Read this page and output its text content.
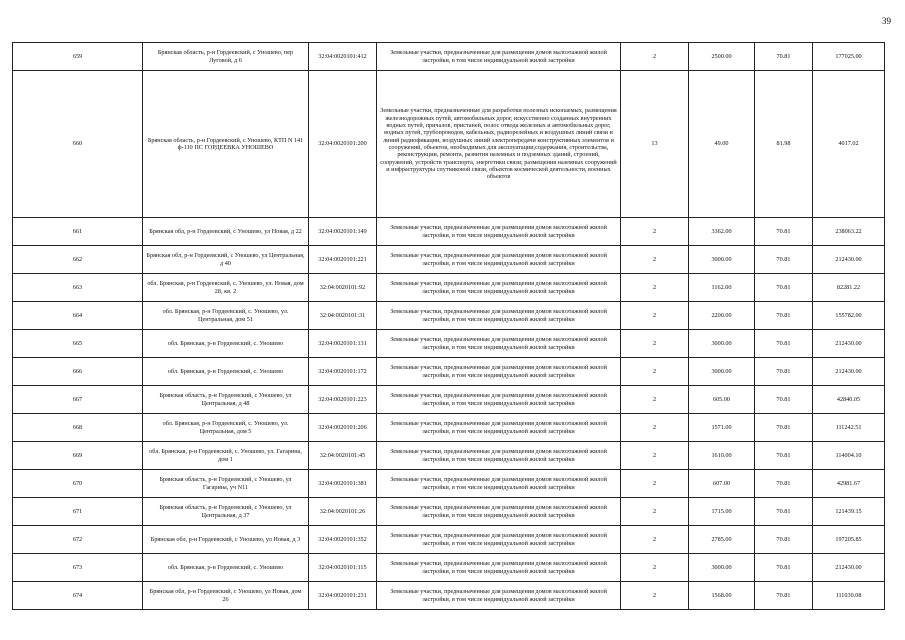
39
659	Брянская область, р-н Гордеевский, с Уношево, пер Луговой, д 6	32:04:0020101:412	Земельные участки, предназначенные для размещения домов малоэтажной жилой застройки, в том числе индивидуальной жилой застройки	2	2500.00	70.81	177025.00
660	Брянская область, р-н Гордеевский, с Уношево, КТП N 141 ф-110 ПС ГОРДЕЕВКА УНОШЕВО	32:04:0020101:200	Земельные участки, предназначенные для разработки полезных ископаемых, размещения железнодорожных путей, автомобильных дорог, искусственно созданных внутренних водных путей, причалов, пристаней, полос отвода железных и автомобильных дорог, водных путей, трубопроводов, кабельных, радиорелейных и воздушных линий связи и линий радиофикации, воздушных линий электропередачи конструктивных элементов и сооружений, объектов, необходимых для эксплуатации,содержания, строительства, реконструкции, ремонта, развития наземных и подземных зданий, строений, сооружений, устройств транспорта, энергетики связи; размещения наземных сооружений и инфраструктуры спутниковой связи, объектов космической деятельности, военных объектов	13	49.00	81.98	4017.02
661	Брянская обл, р-н Гордеевский, с Уношево, ул Новая, д 22	32:04:0020101:149	Земельные участки, предназначенные для размещения домов малоэтажной жилой застройки, в том числе индивидуальной жилой застройки	2	3362.00	70.81	238063.22
662	Брянская обл, р-н Гордеевский, с Уношево, ул Центральная, д 40	32:04:0020101:221	Земельные участки, предназначенные для размещения домов малоэтажной жилой застройки, в том числе индивидуальной жилой застройки	2	3000.00	70.81	212430.00
663	обл. Брянская, р-н Гордеевский, с. Уношево, ул. Новая, дом 28, кв. 2	32:04:0020101:92	Земельные участки, предназначенные для размещения домов малоэтажной жилой застройки, в том числе индивидуальной жилой застройки	2	1162.00	70.81	82281.22
664	обл. Брянская, р-н Гордеевский, с. Уношево, ул. Центральная, дом 51	32:04:0020101:31	Земельные участки, предназначенные для размещения домов малоэтажной жилой застройки, в том числе индивидуальной жилой застройки	2	2200.00	70.81	155782.00
665	обл. Брянская, р-н Гордеевский, с. Уношево	32:04:0020101:131	Земельные участки, предназначенные для размещения домов малоэтажной жилой застройки, в том числе индивидуальной жилой застройки	2	3000.00	70.81	212430.00
666	обл. Брянская, р-н Гордеевский, с. Уношево	32:04:0020101:172	Земельные участки, предназначенные для размещения домов малоэтажной жилой застройки, в том числе индивидуальной жилой застройки	2	3000.00	70.81	212430.00
667	Брянская область, р-н Гордеевский, с Уношево, ул Центральная, д 48	32:04:0020101:223	Земельные участки, предназначенные для размещения домов малоэтажной жилой застройки, в том числе индивидуальной жилой застройки	2	605.00	70.81	42840.05
668	обл. Брянская, р-н Гордеевский, с. Уношево, ул. Центральная, дом 5	32:04:0020101:206	Земельные участки, предназначенные для размещения домов малоэтажной жилой застройки, в том числе индивидуальной жилой застройки	2	1571.00	70.81	111242.51
669	обл. Брянская, р-н Гордеевский, с. Уношево, ул. Гагарина, дом 1	32:04:0020101:45	Земельные участки, предназначенные для размещения домов малоэтажной жилой застройки, в том числе индивидуальной жилой застройки	2	1610.00	70.81	114004.10
670	Брянская область, р-н Гордеевский, с Уношево, ул Гагарина, уч N11	32:04:0020101:381	Земельные участки, предназначенные для размещения домов малоэтажной жилой застройки, в том числе индивидуальной жилой застройки	2	607.00	70.81	42981.67
671	Брянская область, р-н Гордеевский, с Уношево, ул Центральная, д 37	32:04:0020101:26	Земельные участки, предназначенные для размещения домов малоэтажной жилой застройки, в том числе индивидуальной жилой застройки	2	1715.00	70.81	121439.15
672	Брянская обл, р-н Гордеевский, с Уношево, ул Новая, д 3	32:04:0020101:352	Земельные участки, предназначенные для размещения домов малоэтажной жилой застройки, в том числе индивидуальной жилой застройки	2	2785.00	70.81	197205.85
673	обл. Брянская, р-н Гордеевский, с. Уношево	32:04:0020101:115	Земельные участки, предназначенные для размещения домов малоэтажной жилой застройки, в том числе индивидуальной жилой застройки	2	3000.00	70.81	212430.00
674	Брянская обл, р-н Гордеевский, с Уношево, ул Новая, дом 26	32:04:0020101:231	Земельные участки, предназначенные для размещения домов малоэтажной жилой застройки, в том числе индивидуальной жилой застройки	2	1568.00	70.81	111030.08
